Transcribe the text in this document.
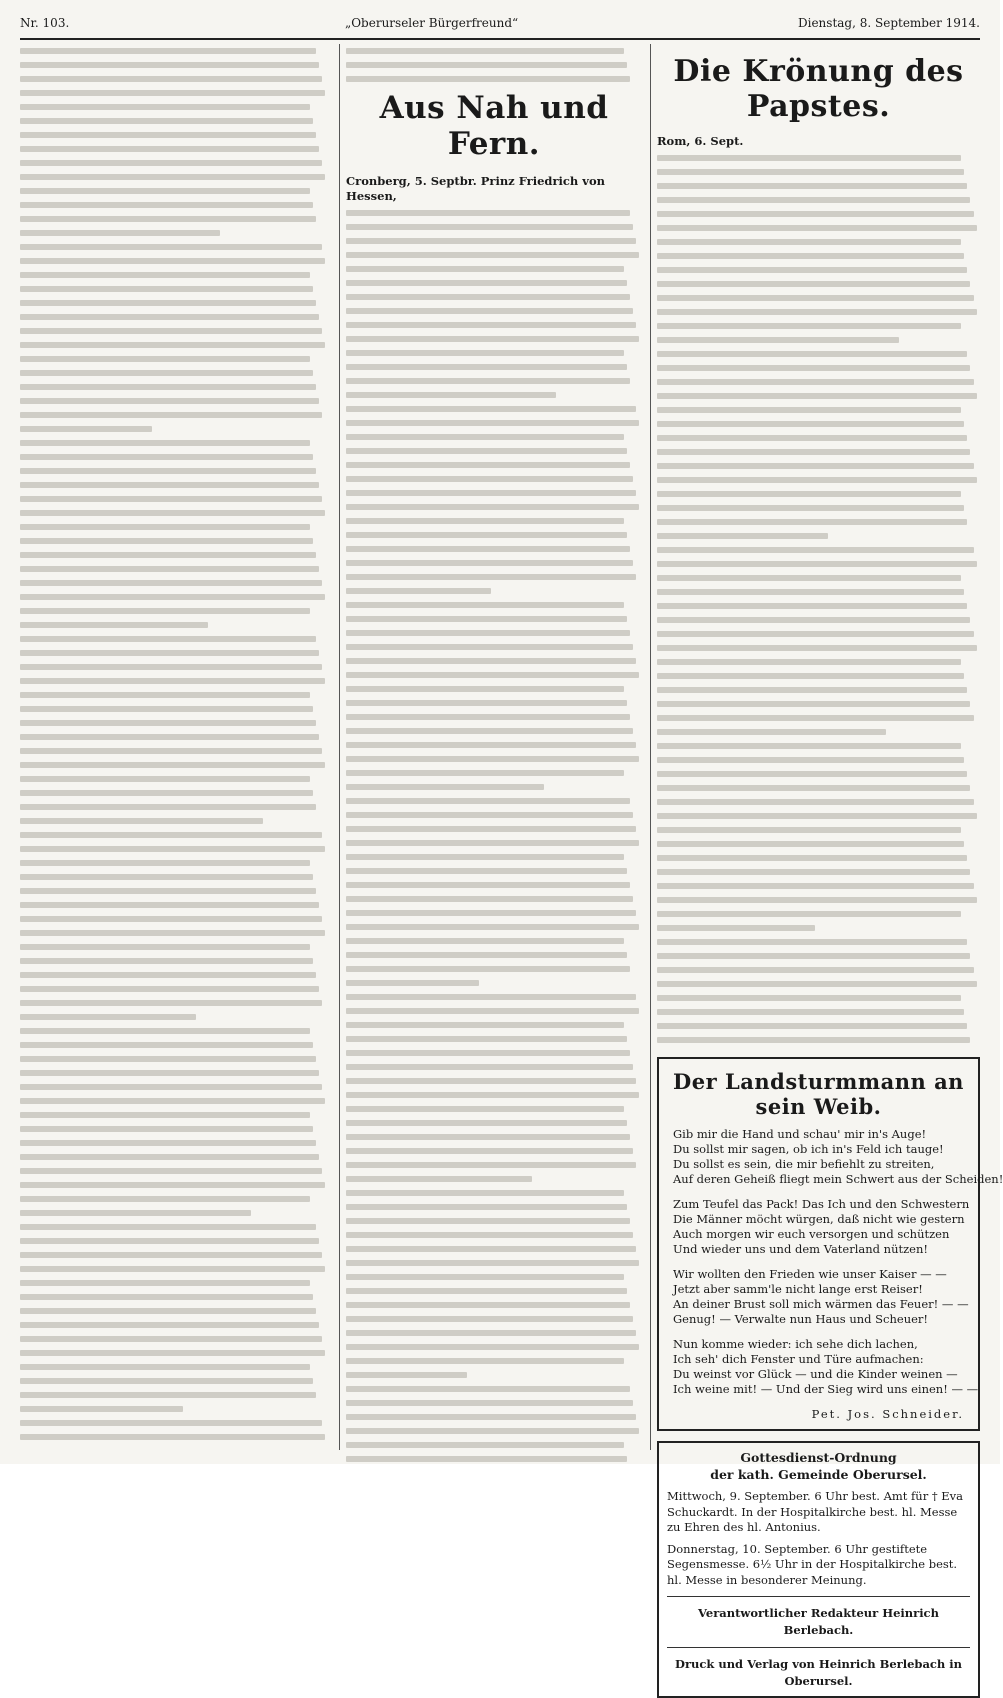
Nr. 103.	„Oberurseler Bürgerfreund“	Dienstag, 8. September 1914.
Aus Nah und Fern.
Cronberg, 5. Septbr. Prinz Friedrich von Hessen,
Die Krönung des Papstes.
Rom, 6. Sept.
Der Landsturmmann an sein Weib.
Gib mir die Hand und schau' mir in's Auge!
Du sollst mir sagen, ob ich in's Feld ich tauge!
Du sollst es sein, die mir befiehlt zu streiten,
Auf deren Geheiß fliegt mein Schwert aus der Scheiden!
Zum Teufel das Pack! Das Ich und den Schwestern
Die Männer möcht würgen, daß nicht wie gestern
Auch morgen wir euch versorgen und schützen
Und wieder uns und dem Vaterland nützen!
Wir wollten den Frieden wie unser Kaiser — —
Jetzt aber samm'le nicht lange erst Reiser!
An deiner Brust soll mich wärmen das Feuer! — —
Genug! — Verwalte nun Haus und Scheuer!
Nun komme wieder: ich sehe dich lachen,
Ich seh' dich Fenster und Türe aufmachen:
Du weinst vor Glück — und die Kinder weinen —
Ich weine mit! — Und der Sieg wird uns einen! — —
Pet. Jos. Schneider.
Gottesdienst-Ordnung
der kath. Gemeinde Oberursel.
Mittwoch, 9. September. 6 Uhr best. Amt für † Eva Schuckardt. In der Hospitalkirche best. hl. Messe zu Ehren des hl. Antonius.
Donnerstag, 10. September. 6 Uhr gestiftete Segensmesse. 6½ Uhr in der Hospitalkirche best. hl. Messe in besonderer Meinung.
Verantwortlicher Redakteur Heinrich Berlebach.
Druck und Verlag von Heinrich Berlebach in Oberursel.
